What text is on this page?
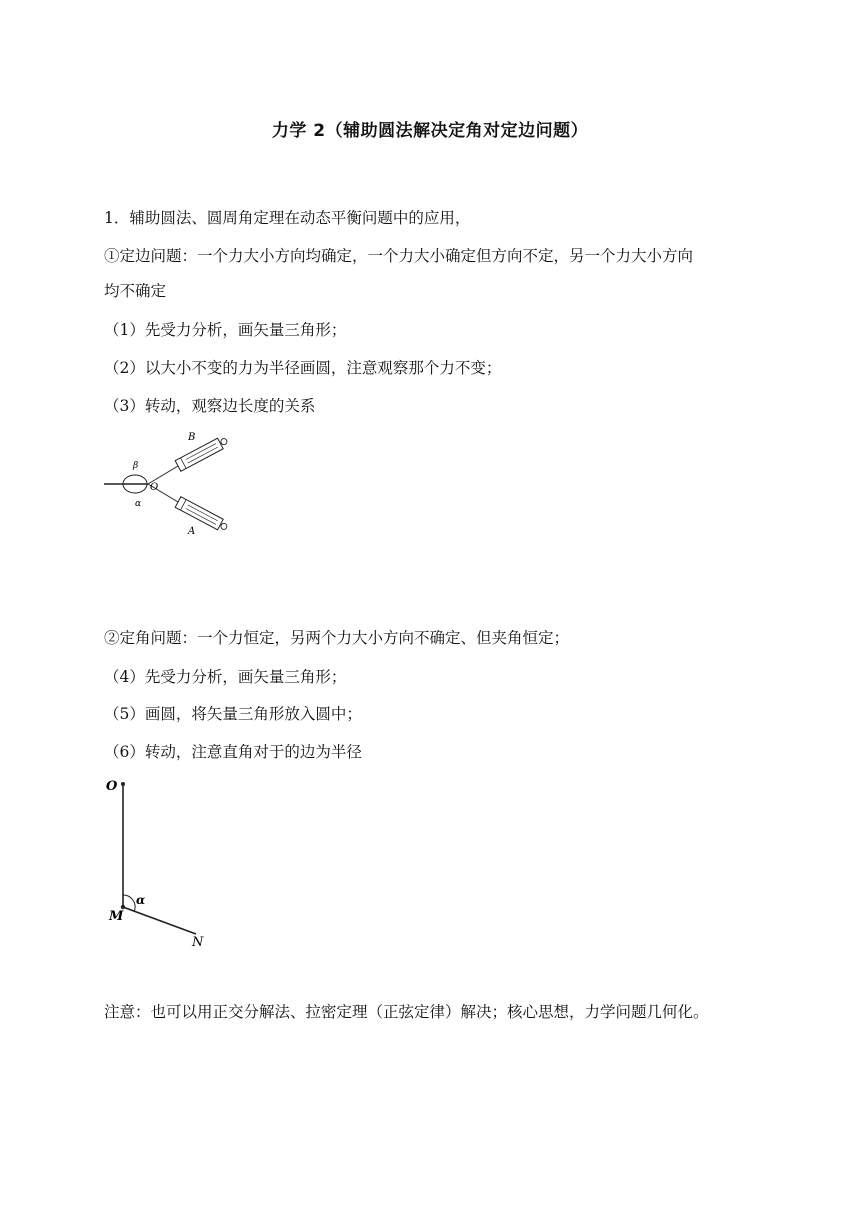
力学 2（辅助圆法解决定角对定边问题）
1．辅助圆法、圆周角定理在动态平衡问题中的应用，
①定边问题：一个力大小方向均确定，一个力大小确定但方向不定，另一个力大小方向
均不确定
（1）先受力分析，画矢量三角形；
（2）以大小不变的力为半径画圆，注意观察那个力不变；
（3）转动，观察边长度的关系
B
A
O
β
α
②定角问题：一个力恒定，另两个力大小方向不确定、但夹角恒定；
（4）先受力分析，画矢量三角形；
（5）画圆，将矢量三角形放入圆中；
（6）转动，注意直角对于的边为半径
O
M
N
α
注意：也可以用正交分解法、拉密定理（正弦定律）解决；核心思想，力学问题几何化。
